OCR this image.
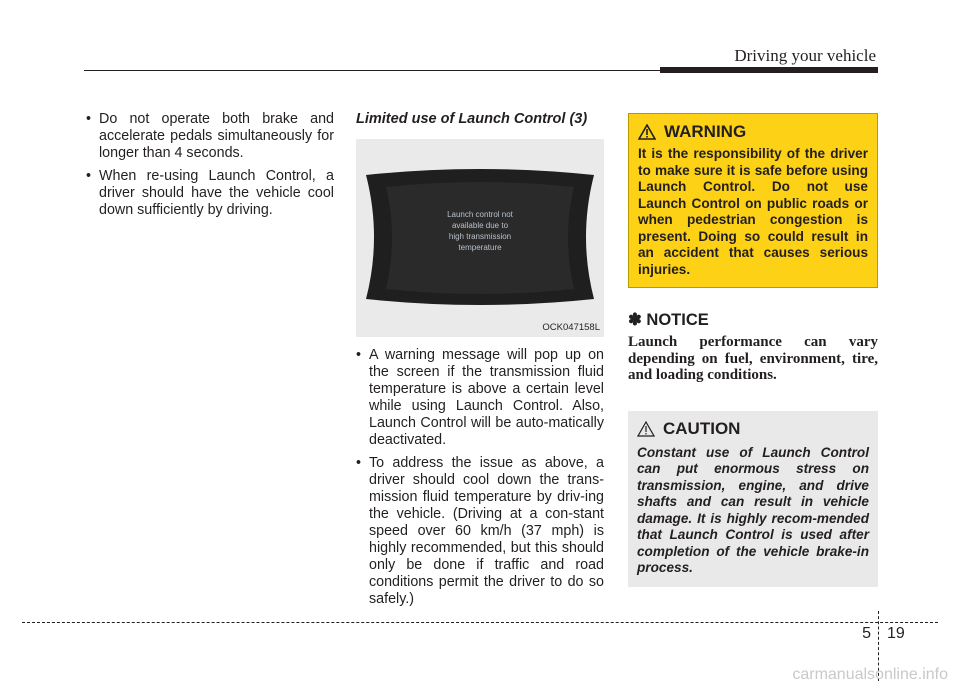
Driving your vehicle
• Do not operate both brake and accelerate pedals simultaneously for longer than 4 seconds.
• When re-using Launch Control, a driver should have the vehicle cool down sufficiently by driving.
Limited use of Launch Control (3)
Launch control not
available due to
high transmission
temperature
OCK047158L
• A warning message will pop up on the screen if the transmission fluid temperature is above a certain level while using Launch Control. Also, Launch Control will be auto-matically deactivated.
• To address the issue as above, a driver should cool down the trans-mission fluid temperature by driv-ing the vehicle. (Driving at a con-stant speed over 60 km/h (37 mph) is highly recommended, but this should only be done if traffic and road conditions permit the driver to do so safely.)
WARNING
It is the responsibility of the driver to make sure it is safe before using Launch Control. Do not use Launch Control on public roads or when pedestrian congestion is present. Doing so could result in an accident that causes serious injuries.
✽ NOTICE
Launch performance can vary depending on fuel, environment, tire, and loading conditions.
CAUTION
Constant use of Launch Control can put enormous stress on transmission, engine, and drive shafts and can result in vehicle damage. It is highly recom-mended that Launch Control is used after completion of the vehicle brake-in process.
5 19
carmanualsonline.info
